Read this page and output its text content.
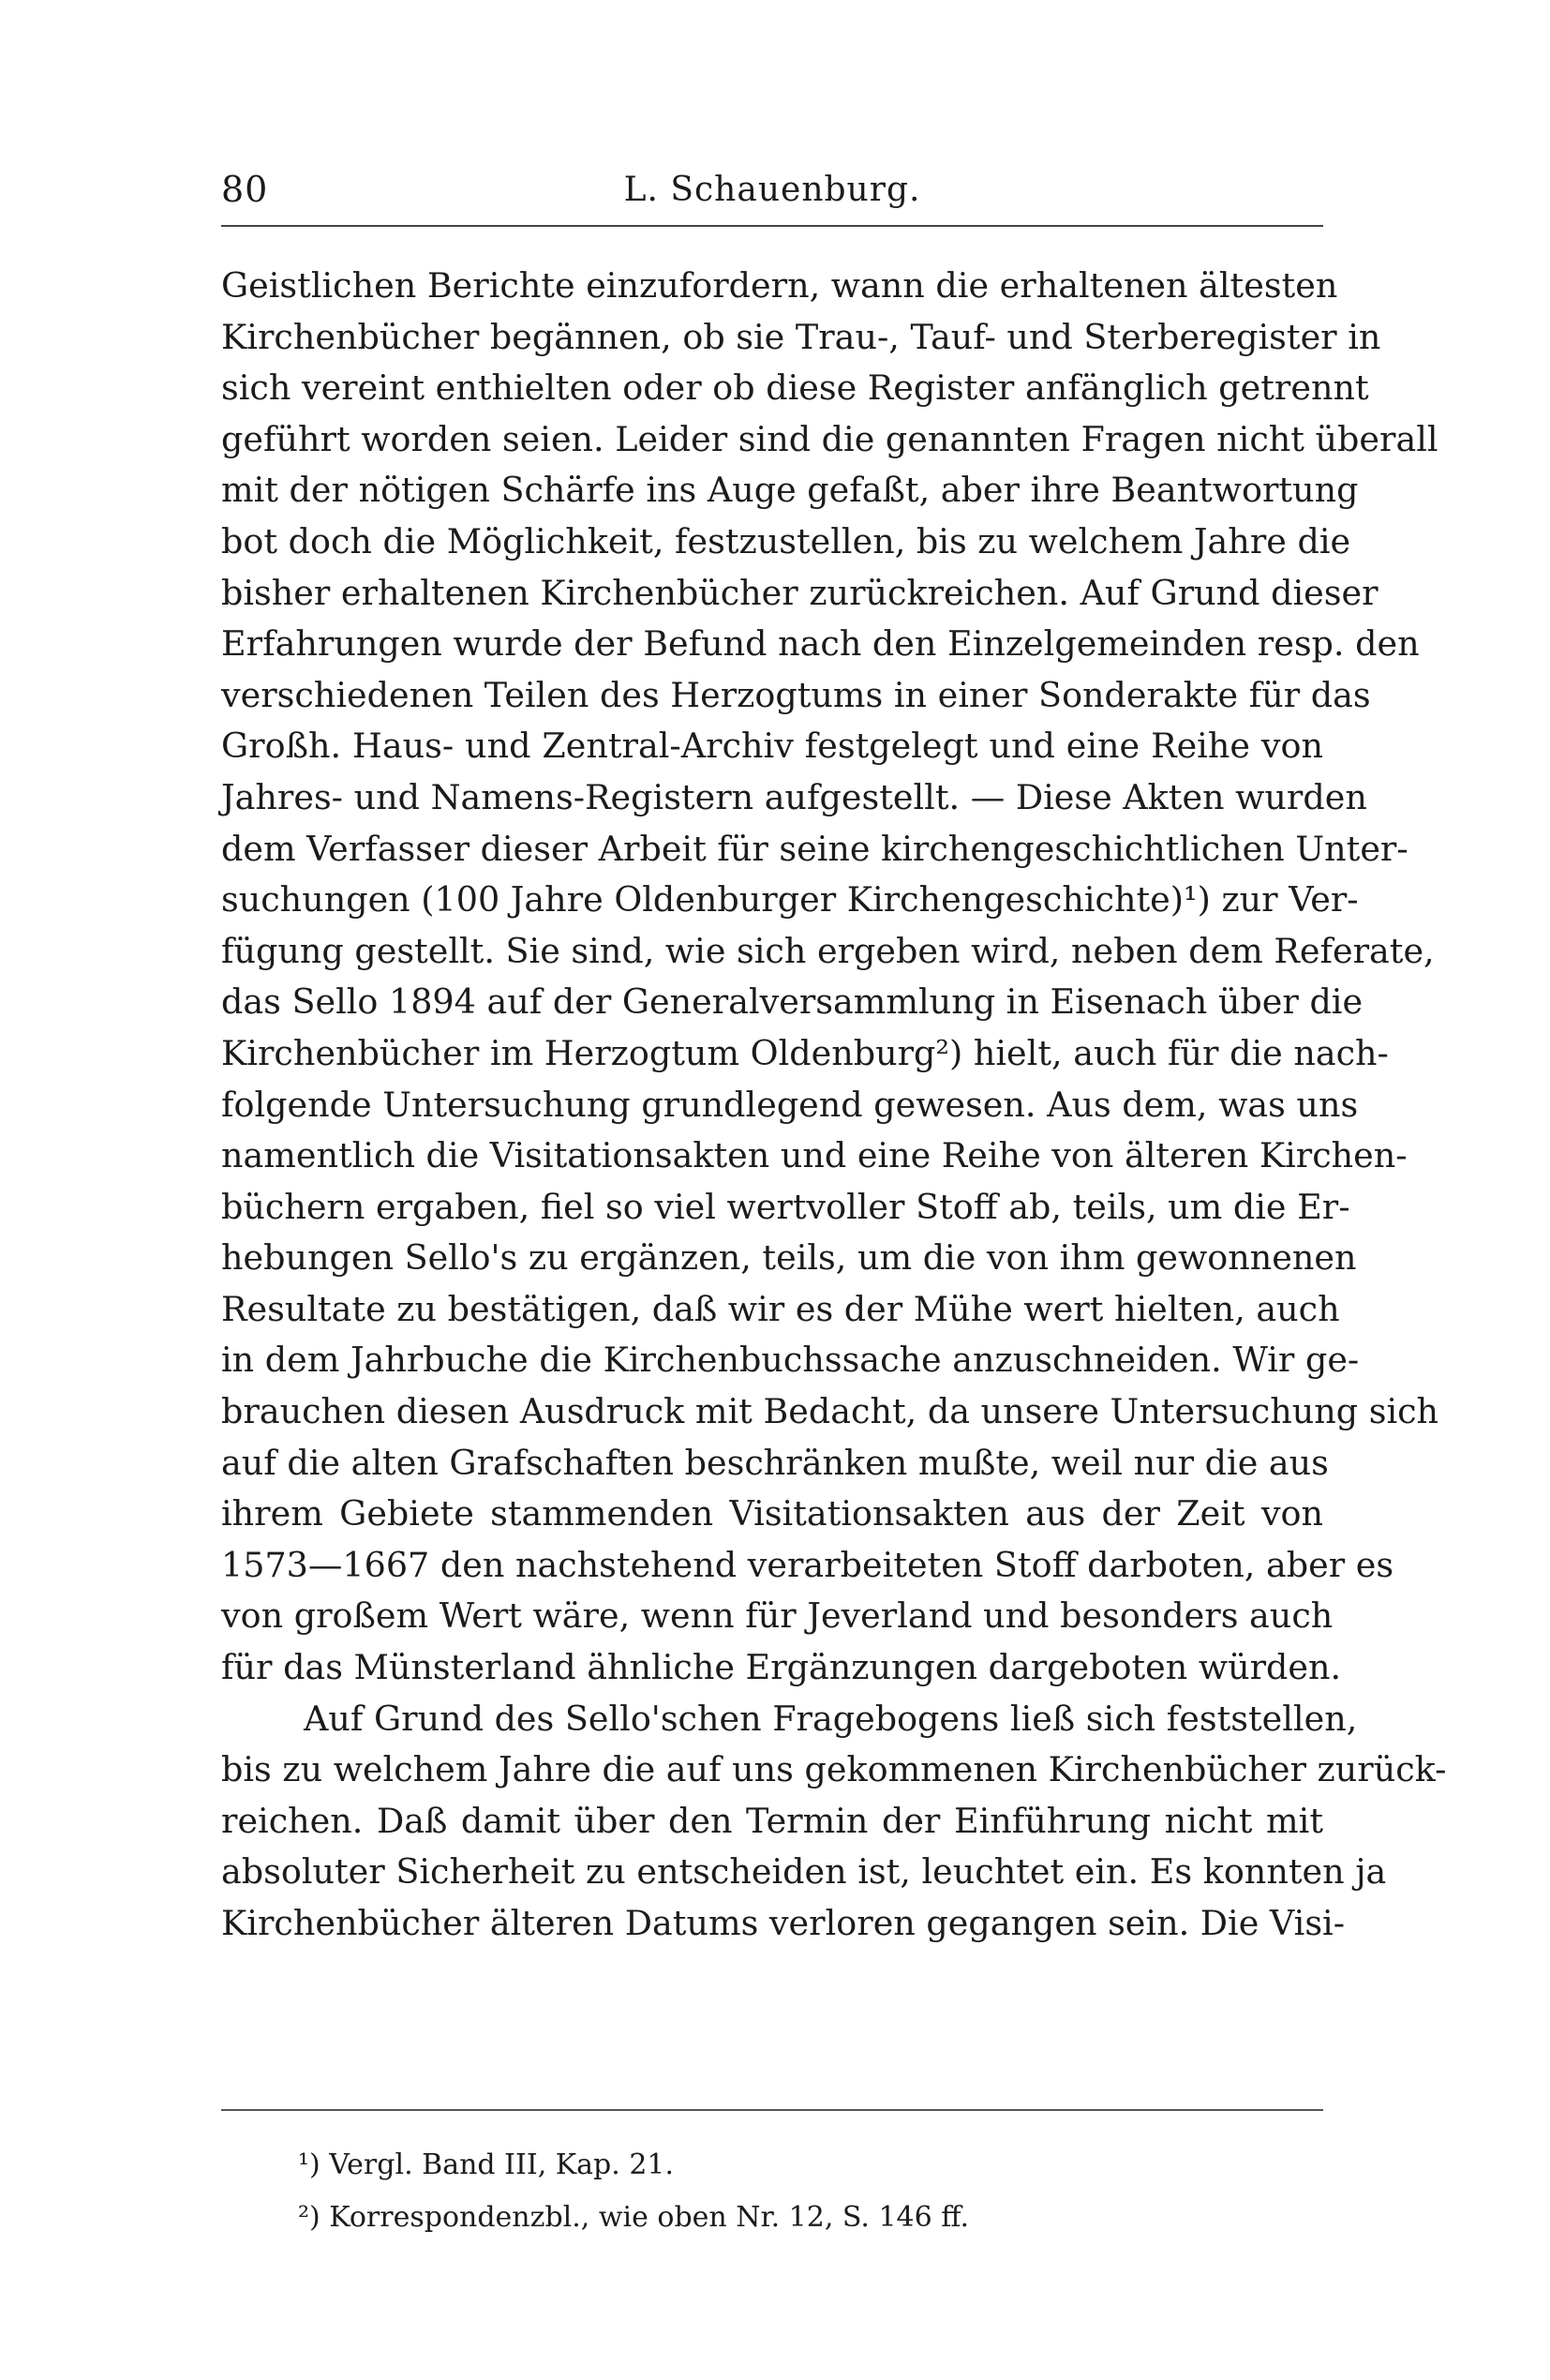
80	L. Schauenburg.
Geistlichen Berichte einzufordern, wann die erhaltenen ältesten
Kirchenbücher begännen, ob sie Trau-, Tauf- und Sterberegister in
sich vereint enthielten oder ob diese Register anfänglich getrennt
geführt worden seien. Leider sind die genannten Fragen nicht überall
mit der nötigen Schärfe ins Auge gefaßt, aber ihre Beantwortung
bot doch die Möglichkeit, festzustellen, bis zu welchem Jahre die
bisher erhaltenen Kirchenbücher zurückreichen. Auf Grund dieser
Erfahrungen wurde der Befund nach den Einzelgemeinden resp. den
verschiedenen Teilen des Herzogtums in einer Sonderakte für das
Großh. Haus- und Zentral-Archiv festgelegt und eine Reihe von
Jahres- und Namens-Registern aufgestellt. — Diese Akten wurden
dem Verfasser dieser Arbeit für seine kirchengeschichtlichen Unter-
suchungen (100 Jahre Oldenburger Kirchengeschichte)¹) zur Ver-
fügung gestellt. Sie sind, wie sich ergeben wird, neben dem Referate,
das Sello 1894 auf der Generalversammlung in Eisenach über die
Kirchenbücher im Herzogtum Oldenburg²) hielt, auch für die nach-
folgende Untersuchung grundlegend gewesen. Aus dem, was uns
namentlich die Visitationsakten und eine Reihe von älteren Kirchen-
büchern ergaben, fiel so viel wertvoller Stoff ab, teils, um die Er-
hebungen Sello's zu ergänzen, teils, um die von ihm gewonnenen
Resultate zu bestätigen, daß wir es der Mühe wert hielten, auch
in dem Jahrbuche die Kirchenbuchssache anzuschneiden. Wir ge-
brauchen diesen Ausdruck mit Bedacht, da unsere Untersuchung sich
auf die alten Grafschaften beschränken mußte, weil nur die aus
ihrem Gebiete stammenden Visitationsakten aus der Zeit von
1573—1667 den nachstehend verarbeiteten Stoff darboten, aber es
von großem Wert wäre, wenn für Jeverland und besonders auch
für das Münsterland ähnliche Ergänzungen dargeboten würden.
Auf Grund des Sello'schen Fragebogens ließ sich feststellen,
bis zu welchem Jahre die auf uns gekommenen Kirchenbücher zurück-
reichen. Daß damit über den Termin der Einführung nicht mit
absoluter Sicherheit zu entscheiden ist, leuchtet ein. Es konnten ja
Kirchenbücher älteren Datums verloren gegangen sein. Die Visi-
¹) Vergl. Band III, Kap. 21.
²) Korrespondenzbl., wie oben Nr. 12, S. 146 ff.
